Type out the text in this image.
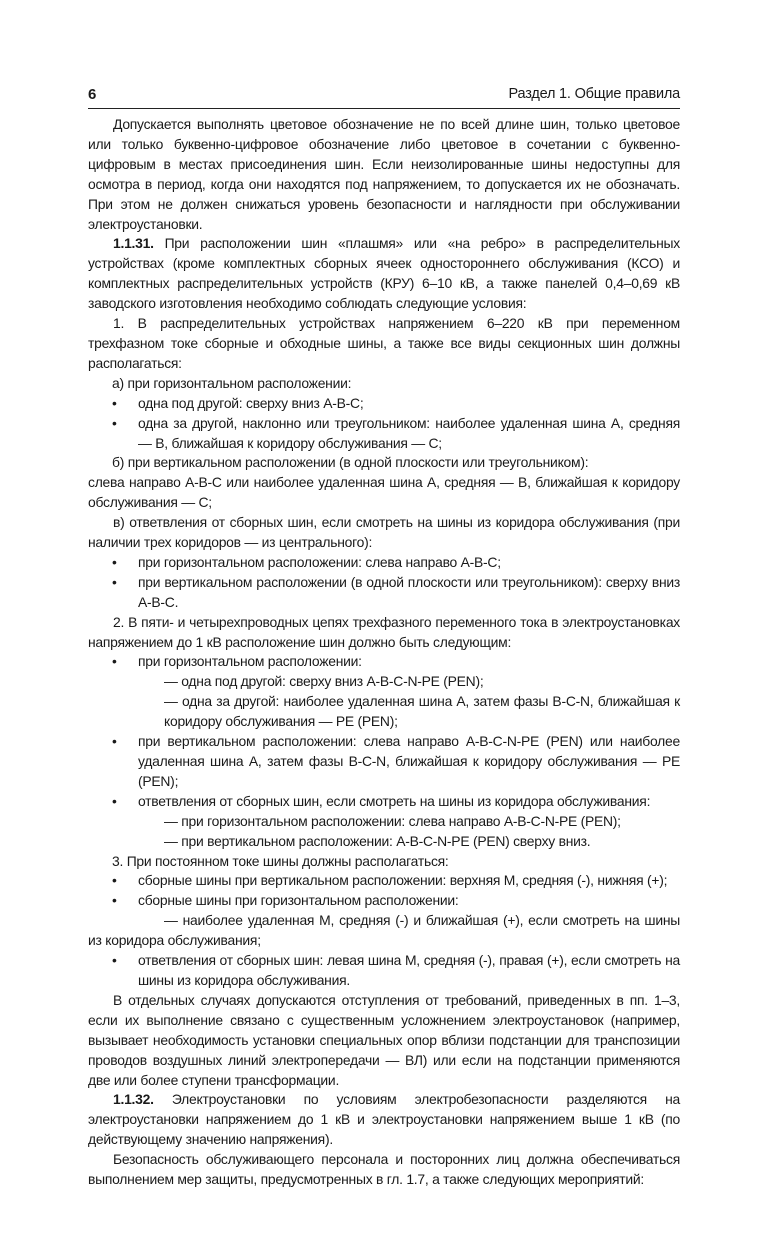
6	Раздел 1. Общие правила

Допускается выполнять цветовое обозначение не по всей длине шин, только цветовое или только буквенно-цифровое обозначение либо цветовое в сочетании с буквенно-цифровым в местах присоединения шин. Если неизолированные шины недоступны для осмотра в период, когда они находятся под напряжением, то допускается их не обозначать. При этом не должен снижаться уровень безопасности и наглядности при обслуживании электроустановки.

1.1.31. При расположении шин «плашмя» или «на ребро» в распределительных устройствах (кроме комплектных сборных ячеек одностороннего обслуживания (КСО) и комплектных распределительных устройств (КРУ) 6–10 кВ, а также панелей 0,4–0,69 кВ заводского изготовления необходимо соблюдать следующие условия:

1. В распределительных устройствах напряжением 6–220 кВ при переменном трехфазном токе сборные и обходные шины, а также все виды секционных шин должны располагаться:

а) при горизонтальном расположении:

• одна под другой: сверху вниз А-В-С;

• одна за другой, наклонно или треугольником: наиболее удаленная шина А, средняя — В, ближайшая к коридору обслуживания — С;

б) при вертикальном расположении (в одной плоскости или треугольником):

слева направо А-В-С или наиболее удаленная шина А, средняя — В, ближайшая к коридору обслуживания — С;

в) ответвления от сборных шин, если смотреть на шины из коридора обслуживания (при наличии трех коридоров — из центрального):

• при горизонтальном расположении: слева направо А-В-С;

• при вертикальном расположении (в одной плоскости или треугольником): сверху вниз А-В-С.

2. В пяти- и четырехпроводных цепях трехфазного переменного тока в электроустановках напряжением до 1 кВ расположение шин должно быть следующим:

• при горизонтальном расположении:

— одна под другой: сверху вниз А-В-С-N-PE (PEN);

— одна за другой: наиболее удаленная шина А, затем фазы В-С-N, ближайшая к коридору обслуживания — PE (PEN);

• при вертикальном расположении: слева направо А-В-С-N-PE (PEN) или наиболее удаленная шина А, затем фазы В-С-N, ближайшая к коридору обслуживания — PE (PEN);

• ответвления от сборных шин, если смотреть на шины из коридора обслуживания:

— при горизонтальном расположении: слева направо А-В-С-N-PE (PEN);

— при вертикальном расположении: А-В-С-N-PE (PEN) сверху вниз.

3. При постоянном токе шины должны располагаться:

• сборные шины при вертикальном расположении: верхняя М, средняя (-), нижняя (+);

• сборные шины при горизонтальном расположении:

— наиболее удаленная М, средняя (-) и ближайшая (+), если смотреть на шины из коридора обслуживания;

• ответвления от сборных шин: левая шина М, средняя (-), правая (+), если смотреть на шины из коридора обслуживания.

В отдельных случаях допускаются отступления от требований, приведенных в пп. 1–3, если их выполнение связано с существенным усложнением электроустановок (например, вызывает необходимость установки специальных опор вблизи подстанции для транспозиции проводов воздушных линий электропередачи — ВЛ) или если на подстанции применяются две или более ступени трансформации.

1.1.32. Электроустановки по условиям электробезопасности разделяются на электроустановки напряжением до 1 кВ и электроустановки напряжением выше 1 кВ (по действующему значению напряжения).

Безопасность обслуживающего персонала и посторонних лиц должна обеспечиваться выполнением мер защиты, предусмотренных в гл. 1.7, а также следующих мероприятий:
